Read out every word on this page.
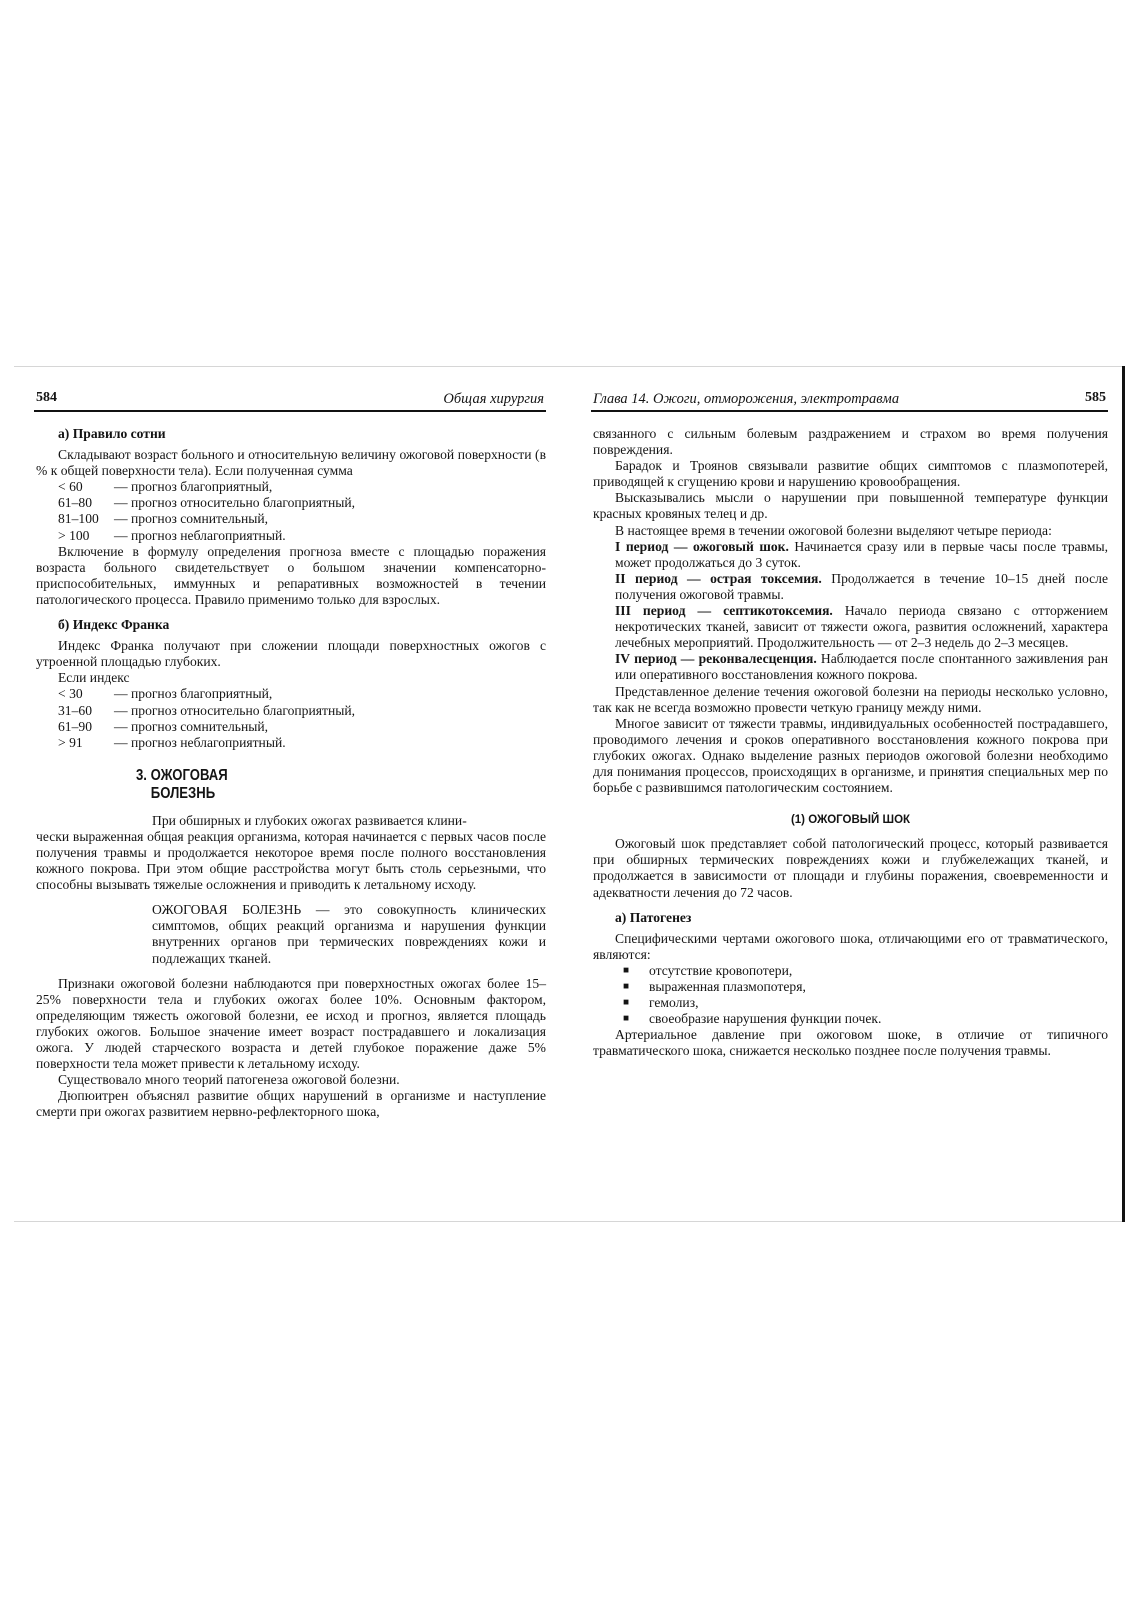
584	Общая хирургия
а) Правило сотни

Складывают возраст больного и относительную величину ожоговой поверхности (в % к общей поверхности тела). Если полученная сумма

< 60	— прогноз благоприятный,
61–80	— прогноз относительно благоприятный,
81–100	— прогноз сомнительный,
> 100	— прогноз неблагоприятный.

Включение в формулу определения прогноза вместе с площадью поражения возраста больного свидетельствует о большом значении компенсаторно-приспособительных, иммунных и репаративных возможностей в течении патологического процесса. Правило применимо только для взрослых.

б) Индекс Франка

Индекс Франка получают при сложении площади поверхностных ожогов с утроенной площадью глубоких.

Если индекс

< 30	— прогноз благоприятный,
31–60	— прогноз относительно благоприятный,
61–90	— прогноз сомнительный,
> 91	— прогноз неблагоприятный.
3. ОЖОГОВАЯ
БОЛЕЗНЬ

При обширных и глубоких ожогах развивается клини-

чески выраженная общая реакция организма, которая начинается с первых часов после получения травмы и продолжается некоторое время после полного восстановления кожного покрова. При этом общие расстройства могут быть столь серьезными, что способны вызывать тяжелые осложнения и приводить к летальному исходу.

ОЖОГОВАЯ БОЛЕЗНЬ — это совокупность клинических симптомов, общих реакций организма и нарушения функции внутренних органов при термических повреждениях кожи и подлежащих тканей.

Признаки ожоговой болезни наблюдаются при поверхностных ожогах более 15–25% поверхности тела и глубоких ожогах более 10%. Основным фактором, определяющим тяжесть ожоговой болезни, ее исход и прогноз, является площадь глубоких ожогов. Большое значение имеет возраст пострадавшего и локализация ожога. У людей старческого возраста и детей глубокое поражение даже 5% поверхности тела может привести к летальному исходу.

Существовало много теорий патогенеза ожоговой болезни.

Дюпюитрен объяснял развитие общих нарушений в организме и наступление смерти при ожогах развитием нервно-рефлекторного шока,

Глава 14. Ожоги, отморожения, электротравма	585

связанного с сильным болевым раздражением и страхом во время получения повреждения.

Барадок и Троянов связывали развитие общих симптомов с плазмопотерей, приводящей к сгущению крови и нарушению кровообращения.

Высказывались мысли о нарушении при повышенной температуре функции красных кровяных телец и др.

В настоящее время в течении ожоговой болезни выделяют четыре периода:

I период — ожоговый шок. Начинается сразу или в первые часы после травмы, может продолжаться до 3 суток.

II период — острая токсемия. Продолжается в течение 10–15 дней после получения ожоговой травмы.

III период — септикотоксемия. Начало периода связано с отторжением некротических тканей, зависит от тяжести ожога, развития осложнений, характера лечебных мероприятий. Продолжительность — от 2–3 недель до 2–3 месяцев.

IV период — реконвалесценция. Наблюдается после спонтанного заживления ран или оперативного восстановления кожного покрова.

Представленное деление течения ожоговой болезни на периоды несколько условно, так как не всегда возможно провести четкую границу между ними.

Многое зависит от тяжести травмы, индивидуальных особенностей пострадавшего, проводимого лечения и сроков оперативного восстановления кожного покрова при глубоких ожогах. Однако выделение разных периодов ожоговой болезни необходимо для понимания процессов, происходящих в организме, и принятия специальных мер по борьбе с развившимся патологическим состоянием.

(1) ОЖОГОВЫЙ ШОК

Ожоговый шок представляет собой патологический процесс, который развивается при обширных термических повреждениях кожи и глубжележащих тканей, и продолжается в зависимости от площади и глубины поражения, своевременности и адекватности лечения до 72 часов.

а) Патогенез

Специфическими чертами ожогового шока, отличающими его от травматического, являются:

■	отсутствие кровопотери,
■	выраженная плазмопотеря,
■	гемолиз,
■	своеобразие нарушения функции почек.

Артериальное давление при ожоговом шоке, в отличие от типичного травматического шока, снижается несколько позднее после получения травмы.
